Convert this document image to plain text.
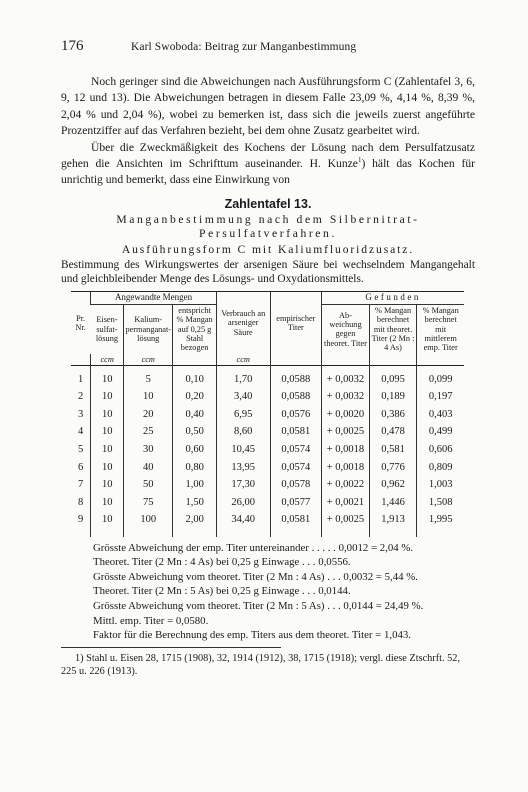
176	Karl Swoboda: Beitrag zur Manganbestimmung

Noch geringer sind die Abweichungen nach Ausführungsform C (Zahlentafel 3, 6, 9, 12 und 13). Die Abweichungen betragen in diesem Falle 23,09 %, 4,14 %, 8,39 %, 2,04 % und 2,04 %), wobei zu bemerken ist, dass sich die jeweils zuerst angeführte Prozentziffer auf das Verfahren bezieht, bei dem ohne Zusatz gearbeitet wird.

Über die Zweckmäßigkeit des Kochens der Lösung nach dem Persulfatzusatz gehen die Ansichten im Schrifttum auseinander. H. Kunze$^1$) hält das Kochen für unrichtig und bemerkt, dass eine Einwirkung von

Zahlentafel 13.
Manganbestimmung nach dem Silbernitrat-Persulfatverfahren.
Ausführungsform C mit Kaliumfluoridzusatz.
Bestimmung des Wirkungswertes der arsenigen Säure bei wechselndem Mangangehalt und gleichbleibender Menge des Lösungs- und Oxydationsmittels.
Pr. Nr.	Angewandte Mengen			Verbrauch an arseniger Säure	empirischer Titer	Gefunden		
	Eisen-sulfat-lösung	Kalium-permanganat-lösung	entspricht % Mangan auf 0,25 g Stahl bezogen			Ab-weichung gegen theoret. Titer	% Mangan berechnet mit theoret. Titer (2 Mn : 4 As)	% Mangan berechnet mit mittlerem emp. Titer
	ccm	ccm		ccm				
1	10	5	0,10	1,70	0,0588	+ 0,0032	0,095	0,099
2	10	10	0,20	3,40	0,0588	+ 0,0032	0,189	0,197
3	10	20	0,40	6,95	0,0576	+ 0,0020	0,386	0,403
4	10	25	0,50	8,60	0,0581	+ 0,0025	0,478	0,499
5	10	30	0,60	10,45	0,0574	+ 0,0018	0,581	0,606
6	10	40	0,80	13,95	0,0574	+ 0,0018	0,776	0,809
7	10	50	1,00	17,30	0,0578	+ 0,0022	0,962	1,003
8	10	75	1,50	26,00	0,0577	+ 0,0021	1,446	1,508
9	10	100	2,00	34,40	0,0581	+ 0,0025	1,913	1,995

Grösste Abweichung der emp. Titer untereinander . . . . . 0,0012 = 2,04 %.
Theoret. Titer (2 Mn : 4 As) bei 0,25 g Einwage . . . 0,0556.
Grösste Abweichung vom theoret. Titer (2 Mn : 4 As) . . . 0,0032 = 5,44 %.
Theoret. Titer (2 Mn : 5 As) bei 0,25 g Einwage . . . 0,0144.
Grösste Abweichung vom theoret. Titer (2 Mn : 5 As) . . . 0,0144 = 24,49 %.
Mittl. emp. Titer = 0,0580.
Faktor für die Berechnung des emp. Titers aus dem theoret. Titer = 1,043.
1) Stahl u. Eisen 28, 1715 (1908), 32, 1914 (1912), 38, 1715 (1918); vergl. diese Ztschrft. 52, 225 u. 226 (1913).
